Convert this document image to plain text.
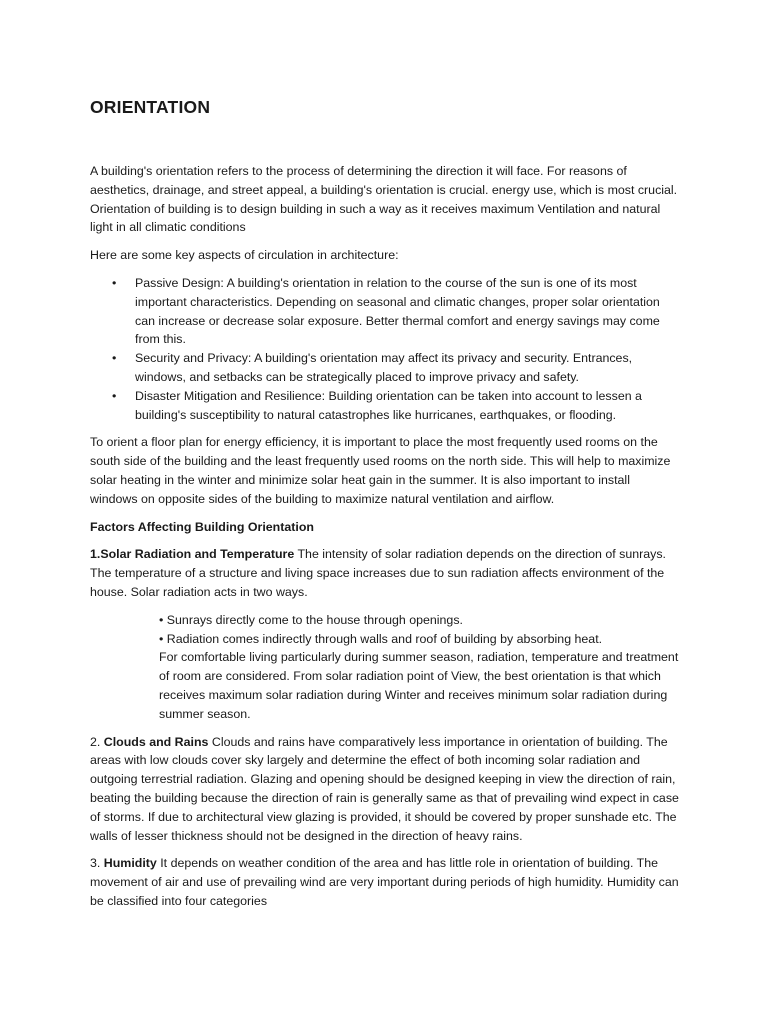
ORIENTATION

A building's orientation refers to the process of determining the direction it will face. For reasons of aesthetics, drainage, and street appeal, a building's orientation is crucial. energy use, which is most crucial. Orientation of building is to design building in such a way as it receives maximum Ventilation and natural light in all climatic conditions

Here are some key aspects of circulation in architecture:

• Passive Design: A building's orientation in relation to the course of the sun is one of its most important characteristics. Depending on seasonal and climatic changes, proper solar orientation can increase or decrease solar exposure. Better thermal comfort and energy savings may come from this.
• Security and Privacy: A building's orientation may affect its privacy and security. Entrances, windows, and setbacks can be strategically placed to improve privacy and safety.
• Disaster Mitigation and Resilience: Building orientation can be taken into account to lessen a building's susceptibility to natural catastrophes like hurricanes, earthquakes, or flooding.

To orient a floor plan for energy efficiency, it is important to place the most frequently used rooms on the south side of the building and the least frequently used rooms on the north side. This will help to maximize solar heating in the winter and minimize solar heat gain in the summer. It is also important to install windows on opposite sides of the building to maximize natural ventilation and airflow.

Factors Affecting Building Orientation

1.Solar Radiation and Temperature The intensity of solar radiation depends on the direction of sunrays. The temperature of a structure and living space increases due to sun radiation affects environment of the house. Solar radiation acts in two ways.

• Sunrays directly come to the house through openings.
• Radiation comes indirectly through walls and roof of building by absorbing heat.
For comfortable living particularly during summer season, radiation, temperature and treatment of room are considered. From solar radiation point of View, the best orientation is that which receives maximum solar radiation during Winter and receives minimum solar radiation during summer season.

2. Clouds and Rains Clouds and rains have comparatively less importance in orientation of building. The areas with low clouds cover sky largely and determine the effect of both incoming solar radiation and outgoing terrestrial radiation. Glazing and opening should be designed keeping in view the direction of rain, beating the building because the direction of rain is generally same as that of prevailing wind expect in case of storms. If due to architectural view glazing is provided, it should be covered by proper sunshade etc. The walls of lesser thickness should not be designed in the direction of heavy rains.

3. Humidity It depends on weather condition of the area and has little role in orientation of building. The movement of air and use of prevailing wind are very important during periods of high humidity. Humidity can be classified into four categories
